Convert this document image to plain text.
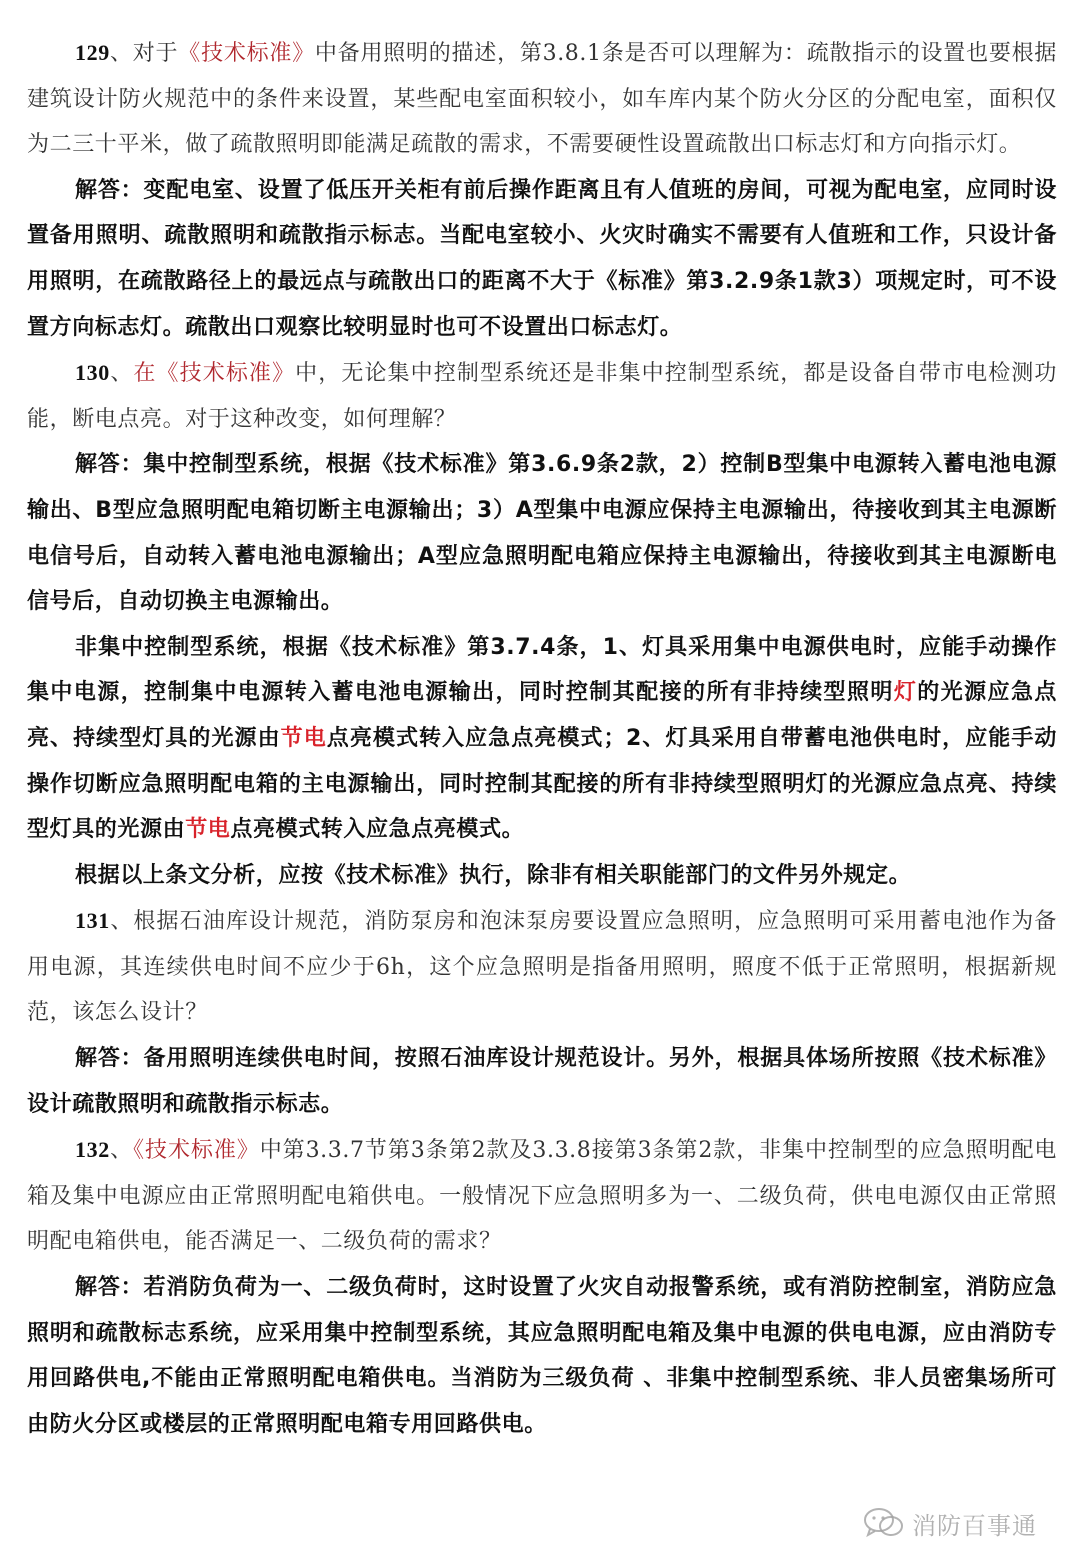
129、对于《技术标准》中备用照明的描述，第3.8.1条是否可以理解为：疏散指示的设置也要根据建筑设计防火规范中的条件来设置，某些配电室面积较小，如车库内某个防火分区的分配电室，面积仅为二三十平米，做了疏散照明即能满足疏散的需求，不需要硬性设置疏散出口标志灯和方向指示灯。

解答：变配电室、设置了低压开关柜有前后操作距离且有人值班的房间，可视为配电室，应同时设置备用照明、疏散照明和疏散指示标志。当配电室较小、火灾时确实不需要有人值班和工作，只设计备用照明，在疏散路径上的最远点与疏散出口的距离不大于《标准》第3.2.9条1款3）项规定时，可不设置方向标志灯。疏散出口观察比较明显时也可不设置出口标志灯。

130、在《技术标准》中，无论集中控制型系统还是非集中控制型系统，都是设备自带市电检测功能，断电点亮。对于这种改变，如何理解？

解答：集中控制型系统，根据《技术标准》第3.6.9条2款，2）控制B型集中电源转入蓄电池电源输出、B型应急照明配电箱切断主电源输出；3）A型集中电源应保持主电源输出，待接收到其主电源断电信号后，自动转入蓄电池电源输出；A型应急照明配电箱应保持主电源输出，待接收到其主电源断电信号后，自动切换主电源输出。

非集中控制型系统，根据《技术标准》第3.7.4条，1、灯具采用集中电源供电时，应能手动操作集中电源，控制集中电源转入蓄电池电源输出，同时控制其配接的所有非持续型照明灯的光源应急点亮、持续型灯具的光源由节电点亮模式转入应急点亮模式；2、灯具采用自带蓄电池供电时，应能手动操作切断应急照明配电箱的主电源输出，同时控制其配接的所有非持续型照明灯的光源应急点亮、持续型灯具的光源由节电点亮模式转入应急点亮模式。

根据以上条文分析，应按《技术标准》执行，除非有相关职能部门的文件另外规定。

131、根据石油库设计规范，消防泵房和泡沫泵房要设置应急照明，应急照明可采用蓄电池作为备用电源，其连续供电时间不应少于6h，这个应急照明是指备用照明，照度不低于正常照明，根据新规范，该怎么设计？

解答：备用照明连续供电时间，按照石油库设计规范设计。另外，根据具体场所按照《技术标准》设计疏散照明和疏散指示标志。

132、《技术标准》中第3.3.7节第3条第2款及3.3.8接第3条第2款，非集中控制型的应急照明配电箱及集中电源应由正常照明配电箱供电。一般情况下应急照明多为一、二级负荷，供电电源仅由正常照明配电箱供电，能否满足一、二级负荷的需求？

解答：若消防负荷为一、二级负荷时，这时设置了火灾自动报警系统，或有消防控制室，消防应急照明和疏散标志系统，应采用集中控制型系统，其应急照明配电箱及集中电源的供电电源，应由消防专用回路供电,不能由正常照明配电箱供电。当消防为三级负荷 、非集中控制型系统、非人员密集场所可由防火分区或楼层的正常照明配电箱专用回路供电。

消防百事通
